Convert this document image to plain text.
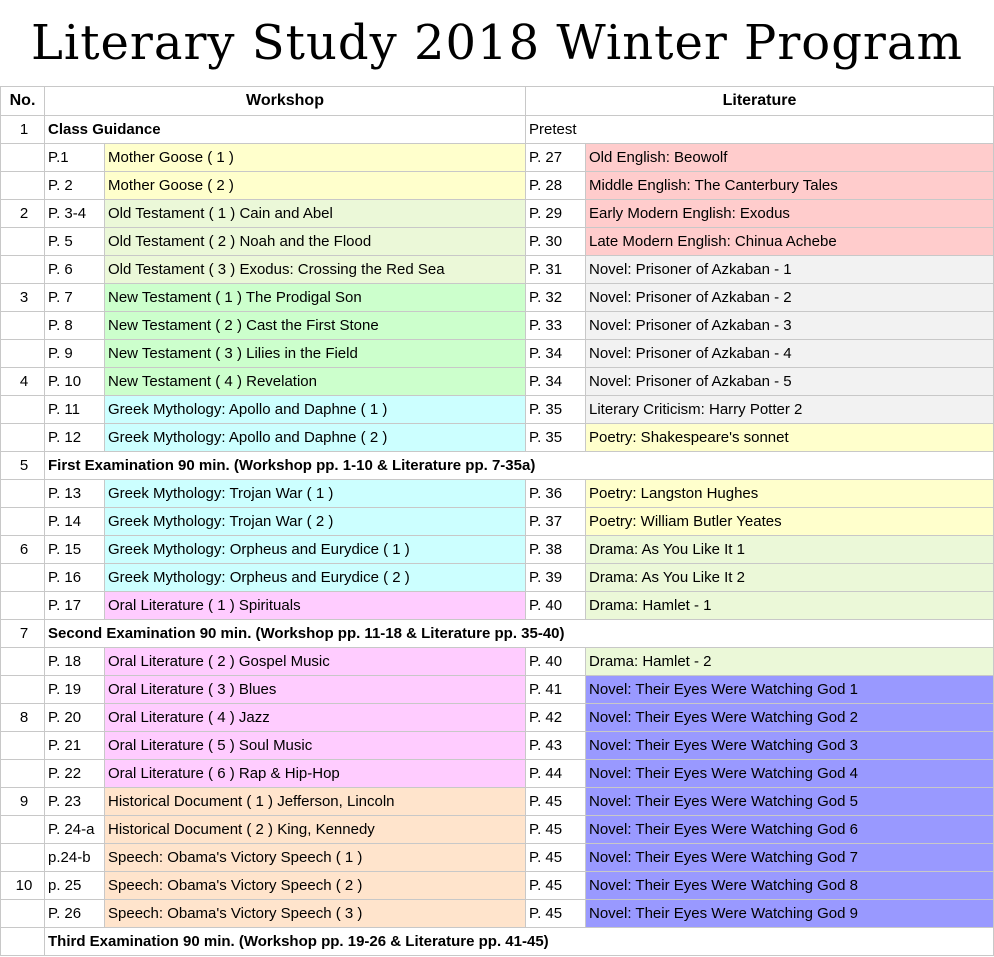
Literary Study 2018 Winter Program
No.	Workshop		Literature	
1	Class Guidance		Pretest	
	P.1	Mother Goose ( 1 )	P. 27	Old English: Beowolf
	P. 2	Mother Goose ( 2 )	P. 28	Middle English: The Canterbury Tales
2	P. 3-4	Old Testament ( 1 ) Cain and Abel	P. 29	Early Modern English: Exodus
	P. 5	Old Testament ( 2 ) Noah and the Flood	P. 30	Late Modern English: Chinua Achebe
	P. 6	Old Testament ( 3 ) Exodus: Crossing the Red Sea	P. 31	Novel: Prisoner of Azkaban - 1
3	P. 7	New Testament ( 1 ) The Prodigal Son	P. 32	Novel: Prisoner of Azkaban - 2
	P. 8	New Testament ( 2 ) Cast the First Stone	P. 33	Novel: Prisoner of Azkaban - 3
	P. 9	New Testament ( 3 ) Lilies in the Field	P. 34	Novel: Prisoner of Azkaban - 4
4	P. 10	New Testament ( 4 ) Revelation	P. 34	Novel: Prisoner of Azkaban - 5
	P. 11	Greek Mythology: Apollo and Daphne ( 1 )	P. 35	Literary Criticism: Harry Potter 2
	P. 12	Greek Mythology: Apollo and Daphne ( 2 )	P. 35	Poetry: Shakespeare's sonnet
5	First Examination 90 min. (Workshop pp. 1-10 & Literature pp. 7-35a)			
	P. 13	Greek Mythology: Trojan War ( 1 )	P. 36	Poetry: Langston Hughes
	P. 14	Greek Mythology: Trojan War ( 2 )	P. 37	Poetry: William Butler Yeates
6	P. 15	Greek Mythology: Orpheus and Eurydice ( 1 )	P. 38	Drama: As You Like It 1
	P. 16	Greek Mythology: Orpheus and Eurydice ( 2 )	P. 39	Drama: As You Like It 2
	P. 17	Oral Literature ( 1 ) Spirituals	P. 40	Drama: Hamlet - 1
7	Second Examination 90 min. (Workshop pp. 11-18 & Literature pp. 35-40)			
	P. 18	Oral Literature ( 2 ) Gospel Music	P. 40	Drama: Hamlet - 2
	P. 19	Oral Literature ( 3 ) Blues	P. 41	Novel: Their Eyes Were Watching God 1
8	P. 20	Oral Literature ( 4 ) Jazz	P. 42	Novel: Their Eyes Were Watching God 2
	P. 21	Oral Literature ( 5 ) Soul Music	P. 43	Novel: Their Eyes Were Watching God 3
	P. 22	Oral Literature ( 6 ) Rap & Hip-Hop	P. 44	Novel: Their Eyes Were Watching God 4
9	P. 23	Historical Document ( 1 ) Jefferson, Lincoln	P. 45	Novel: Their Eyes Were Watching God 5
	P. 24-a	Historical Document ( 2 ) King, Kennedy	P. 45	Novel: Their Eyes Were Watching God 6
	p.24-b	Speech: Obama's Victory Speech ( 1 )	P. 45	Novel: Their Eyes Were Watching God 7
10	p. 25	Speech: Obama's Victory Speech ( 2 )	P. 45	Novel: Their Eyes Were Watching God 8
	P. 26	Speech: Obama's Victory Speech ( 3 )	P. 45	Novel: Their Eyes Were Watching God 9
	Third Examination 90 min. (Workshop pp. 19-26 & Literature pp. 41-45)			
